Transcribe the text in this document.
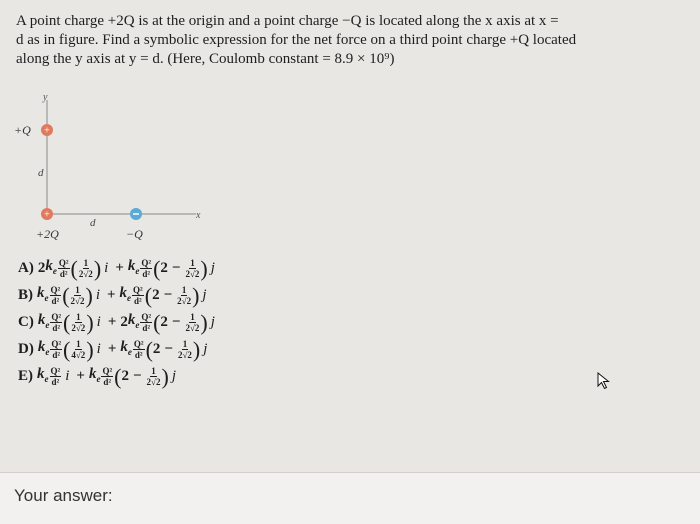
A point charge +2Q is at the origin and a point charge −Q is located along the x axis at x =

d as in figure. Find a symbolic expression for the net force on a third point charge +Q located

along the y axis at y = d. (Here, Coulomb constant = 8.9 × 10⁹)

y
x
d
d
+
+
+Q
+2Q	−Q
A) 2 $k_e \frac{\text{Q²}}{\text{d²}}$ ( $\frac{1}{2√2}$ ) $i + k_e \frac{\text{Q²}}{\text{d²}}$ ( $2 - \frac{1}{2√2}$ ) j
B) $k_e \frac{\text{Q²}}{\text{d²}}$ ( $\frac{1}{2√2}$ ) $i + k_e \frac{\text{Q²}}{\text{d²}}$ ( $2 - \frac{1}{2√2}$ ) j
C) $k_e \frac{\text{Q²}}{\text{d²}}$ ( $\frac{1}{2√2}$ ) i + 2 $k_e \frac{\text{Q²}}{\text{d²}}$ ( $2 - \frac{1}{2√2}$ ) j
D) $k_e \frac{\text{Q²}}{\text{d²}}$ ( $\frac{1}{4√2}$ ) $i + k_e \frac{\text{Q²}}{\text{d²}}$ ( $2 - \frac{1}{2√2}$ ) j
E) $k_e \frac{\text{Q²}}{\text{d²}}$ $i + k_e \frac{\text{Q²}}{\text{d²}}$ ( $2 - \frac{1}{2√2}$ ) j
Your answer:
